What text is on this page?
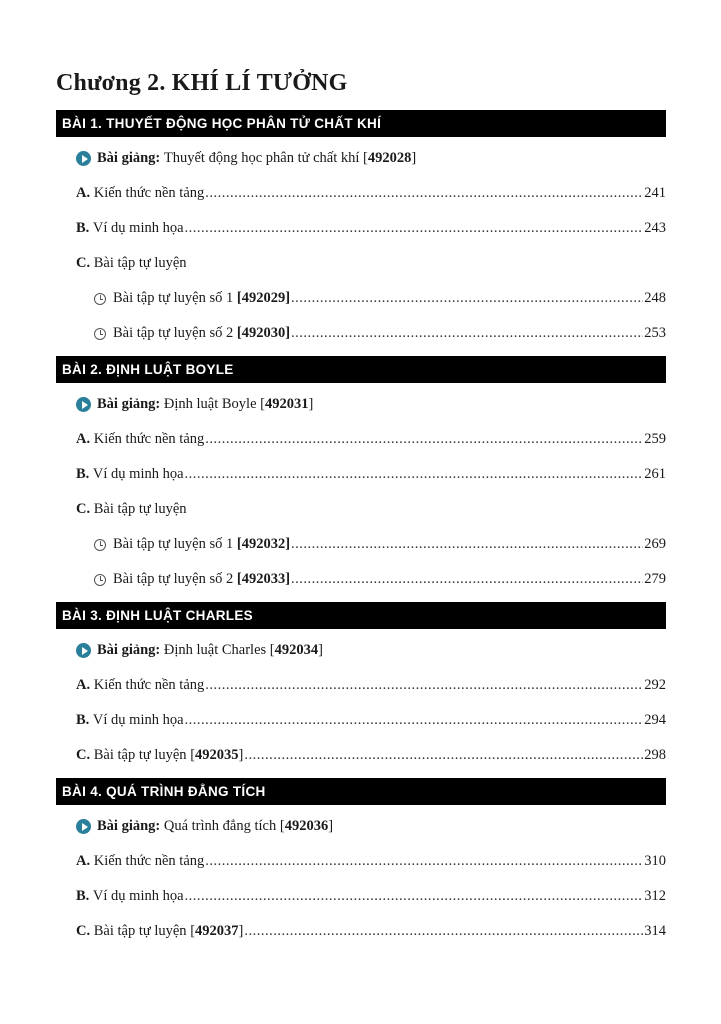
Chương 2. KHÍ LÍ TƯỞNG
BÀI 1. THUYẾT ĐỘNG HỌC PHÂN TỬ CHẤT KHÍ
Bài giảng:
Thuyết động học phân tử chất khí [ 492028 ]
A.
Kiến thức nền tảng .....	241
B.
Ví dụ minh họa .....	243
C.
Bài tập tự luyện
Bài tập tự luyện số 1
[492029] .....	248
Bài tập tự luyện số 2
[492030] .....	253
BÀI 2. ĐỊNH LUẬT BOYLE
Bài giảng:
Định luật Boyle [ 492031 ]
A.
Kiến thức nền tảng .....	259
B.
Ví dụ minh họa .....	261
C.
Bài tập tự luyện
Bài tập tự luyện số 1
[492032] .....	269
Bài tập tự luyện số 2
[492033] .....	279
BÀI 3. ĐỊNH LUẬT CHARLES
Bài giảng:
Định luật Charles [ 492034 ]
A.
Kiến thức nền tảng .....	292
B.
Ví dụ minh họa .....	294
C.
Bài tập tự luyện [ 492035 ] .....	298
BÀI 4. QUÁ TRÌNH ĐẲNG TÍCH
Bài giảng:
Quá trình đẳng tích [ 492036 ]
A.
Kiến thức nền tảng .....	310
B.
Ví dụ minh họa .....	312
C.
Bài tập tự luyện [ 492037 ] .....	314
